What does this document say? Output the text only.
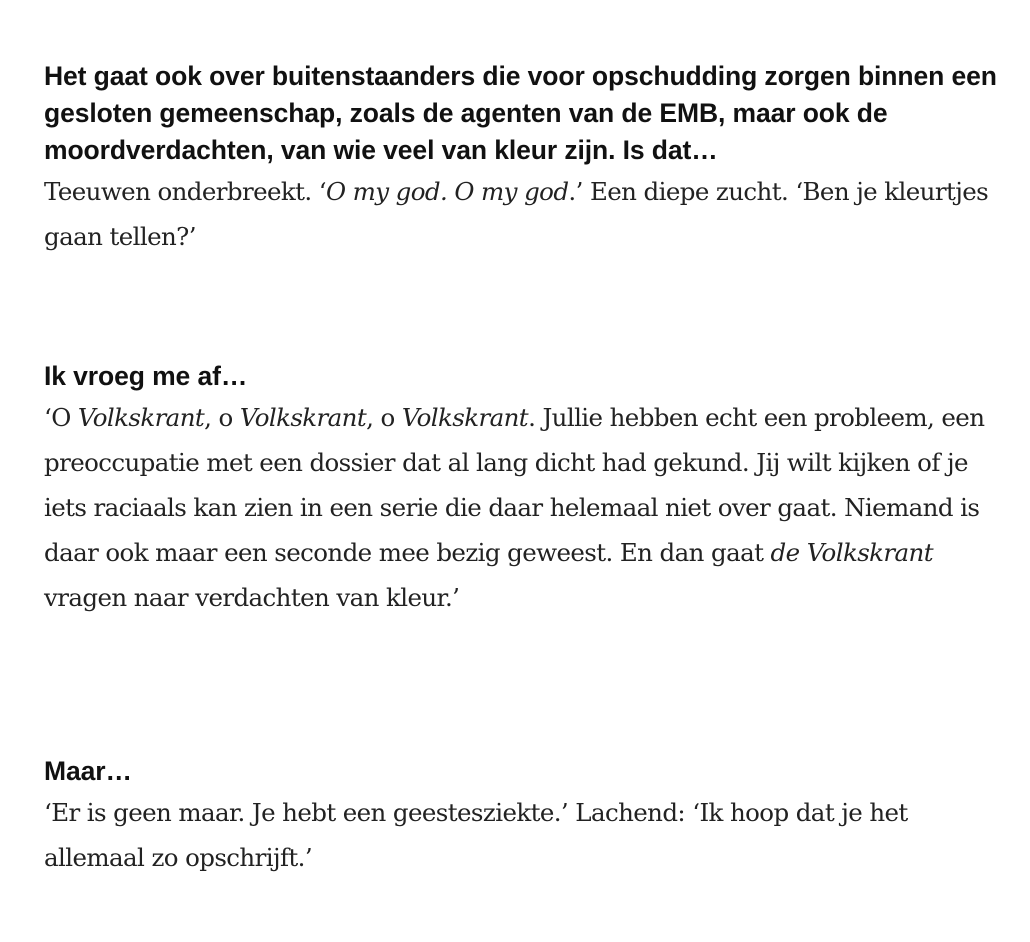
Het gaat ook over buitenstaanders die voor opschudding zorgen binnen een gesloten gemeenschap, zoals de agenten van de EMB, maar ook de moordverdachten, van wie veel van kleur zijn. Is dat…

Teeuwen onderbreekt. ‘O my god. O my god.’ Een diepe zucht. ‘Ben je kleurtjes gaan tellen?’

Ik vroeg me af…

‘O Volkskrant, o Volkskrant, o Volkskrant. Jullie hebben echt een probleem, een preoccupatie met een dossier dat al lang dicht had gekund. Jij wilt kijken of je iets raciaals kan zien in een serie die daar helemaal niet over gaat. Niemand is daar ook maar een seconde mee bezig geweest. En dan gaat de Volkskrant vragen naar verdachten van kleur.’

Maar…

‘Er is geen maar. Je hebt een geestesziekte.’ Lachend: ‘Ik hoop dat je het allemaal zo opschrijft.’
